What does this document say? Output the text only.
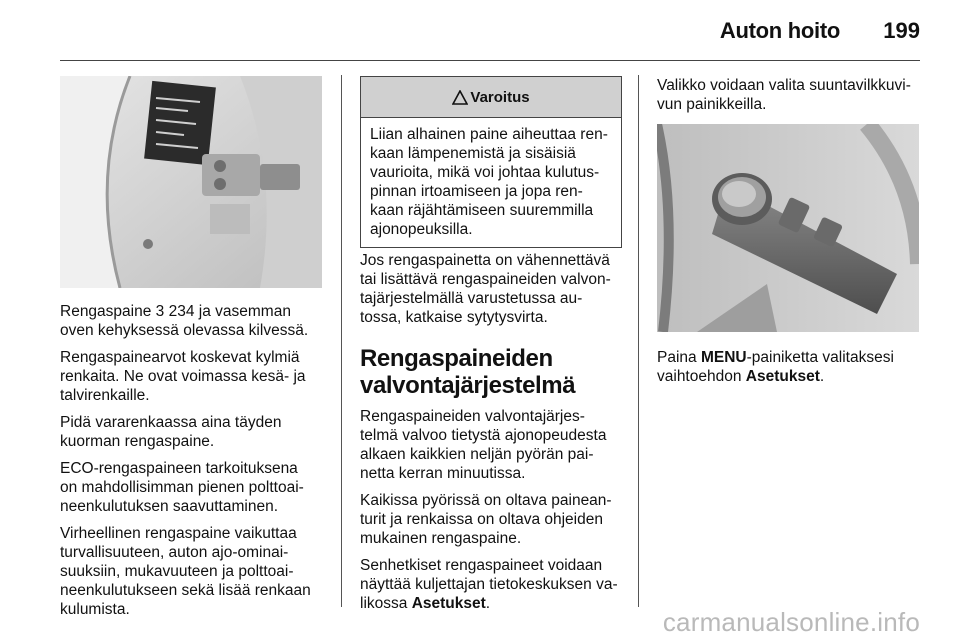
Auton hoito 199

Rengaspaine 3 234 ja vasemman
oven kehyksessä olevassa kilvessä.

Rengaspainearvot koskevat kylmiä
renkaita. Ne ovat voimassa kesä- ja
talvirenkaille.

Pidä vararenkaassa aina täyden
kuorman rengaspaine.

ECO-rengaspaineen tarkoituksena
on mahdollisimman pienen polttoai-
neenkulutuksen saavuttaminen.

Virheellinen rengaspaine vaikuttaa
turvallisuuteen, auton ajo-ominai-
suuksiin, mukavuuteen ja polttoai-
neenkulutukseen sekä lisää renkaan
kulumista.

Varoitus
Liian alhainen paine aiheuttaa ren-
kaan lämpenemistä ja sisäisiä
vaurioita, mikä voi johtaa kulutus-
pinnan irtoamiseen ja jopa ren-
kaan räjähtämiseen suuremmilla
ajonopeuksilla.

Jos rengaspainetta on vähennettävä
tai lisättävä rengaspaineiden valvon-
tajärjestelmällä varustetussa au-
tossa, katkaise sytytysvirta.

Rengaspaineiden
valvontajärjestelmä

Rengaspaineiden valvontajärjes-
telmä valvoo tietystä ajonopeudesta
alkaen kaikkien neljän pyörän pai-
netta kerran minuutissa.

Kaikissa pyörissä on oltava painean-
turit ja renkaissa on oltava ohjeiden
mukainen rengaspaine.

Senhetkiset rengaspaineet voidaan
näyttää kuljettajan tietokeskuksen va-
likossa Asetukset.

Valikko voidaan valita suuntavilkkuvi-
vun painikkeilla.

Paina MENU-painiketta valitaksesi
vaihtoehdon Asetukset.

carmanualsonline.info
